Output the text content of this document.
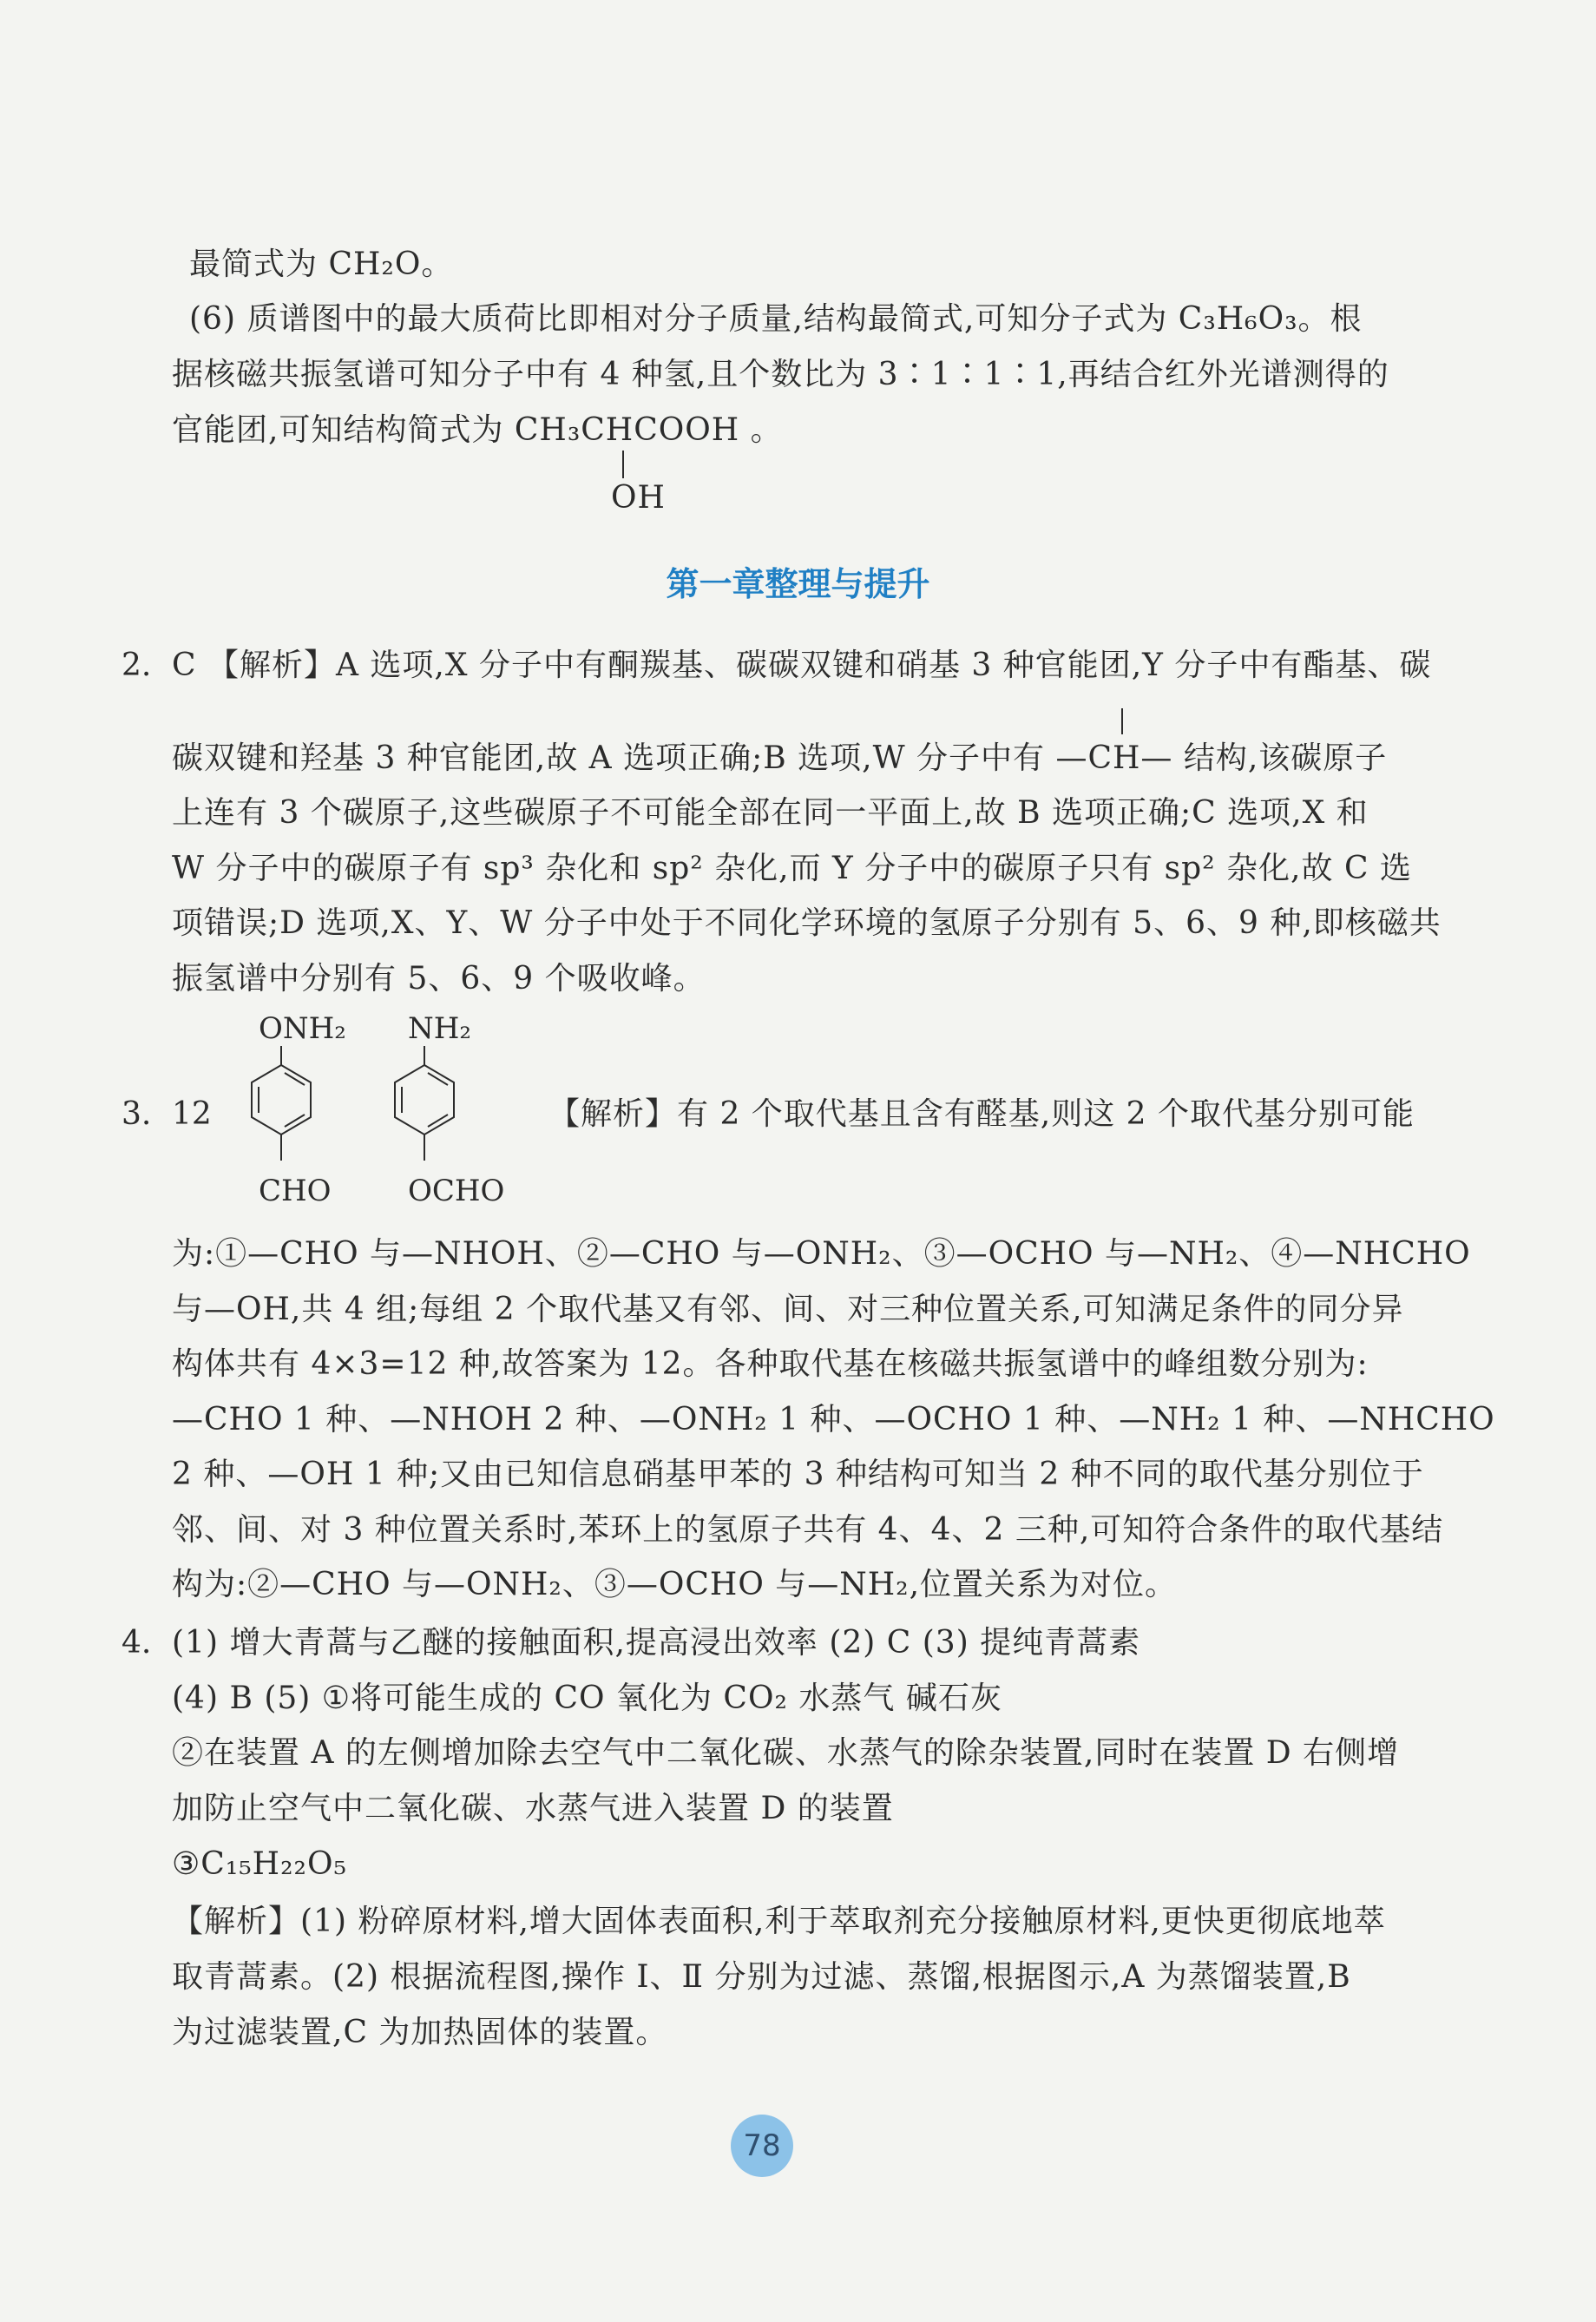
最简式为 CH₂O。
(6) 质谱图中的最大质荷比即相对分子质量,结构最简式,可知分子式为 C₃H₆O₃。根
据核磁共振氢谱可知分子中有 4 种氢,且个数比为 3∶1∶1∶1,再结合红外光谱测得的
官能团,可知结构简式为 CH₃CHCOOH 。
OH
第一章整理与提升
2. C 【解析】A 选项,X 分子中有酮羰基、碳碳双键和硝基 3 种官能团,Y 分子中有酯基、碳
碳双键和羟基 3 种官能团,故 A 选项正确;B 选项,W 分子中有 —CH— 结构,该碳原子
上连有 3 个碳原子,这些碳原子不可能全部在同一平面上,故 B 选项正确;C 选项,X 和
W 分子中的碳原子有 sp³ 杂化和 sp² 杂化,而 Y 分子中的碳原子只有 sp² 杂化,故 C 选
项错误;D 选项,X、Y、W 分子中处于不同化学环境的氢原子分别有 5、6、9 种,即核磁共
振氢谱中分别有 5、6、9 个吸收峰。
3. 12
ONH₂
CHO
NH₂
OCHO
【解析】有 2 个取代基且含有醛基,则这 2 个取代基分别可能
为:①—CHO 与—NHOH、②—CHO 与—ONH₂、③—OCHO 与—NH₂、④—NHCHO
与—OH,共 4 组;每组 2 个取代基又有邻、间、对三种位置关系,可知满足条件的同分异
构体共有 4×3=12 种,故答案为 12。各种取代基在核磁共振氢谱中的峰组数分别为:
—CHO 1 种、—NHOH 2 种、—ONH₂ 1 种、—OCHO 1 种、—NH₂ 1 种、—NHCHO
2 种、—OH 1 种;又由已知信息硝基甲苯的 3 种结构可知当 2 种不同的取代基分别位于
邻、间、对 3 种位置关系时,苯环上的氢原子共有 4、4、2 三种,可知符合条件的取代基结
构为:②—CHO 与—ONH₂、③—OCHO 与—NH₂,位置关系为对位。
4. (1) 增大青蒿与乙醚的接触面积,提高浸出效率 (2) C (3) 提纯青蒿素
(4) B (5) ①将可能生成的 CO 氧化为 CO₂ 水蒸气 碱石灰
②在装置 A 的左侧增加除去空气中二氧化碳、水蒸气的除杂装置,同时在装置 D 右侧增
加防止空气中二氧化碳、水蒸气进入装置 D 的装置
③C₁₅H₂₂O₅
【解析】(1) 粉碎原材料,增大固体表面积,利于萃取剂充分接触原材料,更快更彻底地萃
取青蒿素。(2) 根据流程图,操作 Ⅰ、Ⅱ 分别为过滤、蒸馏,根据图示,A 为蒸馏装置,B
为过滤装置,C 为加热固体的装置。
78
